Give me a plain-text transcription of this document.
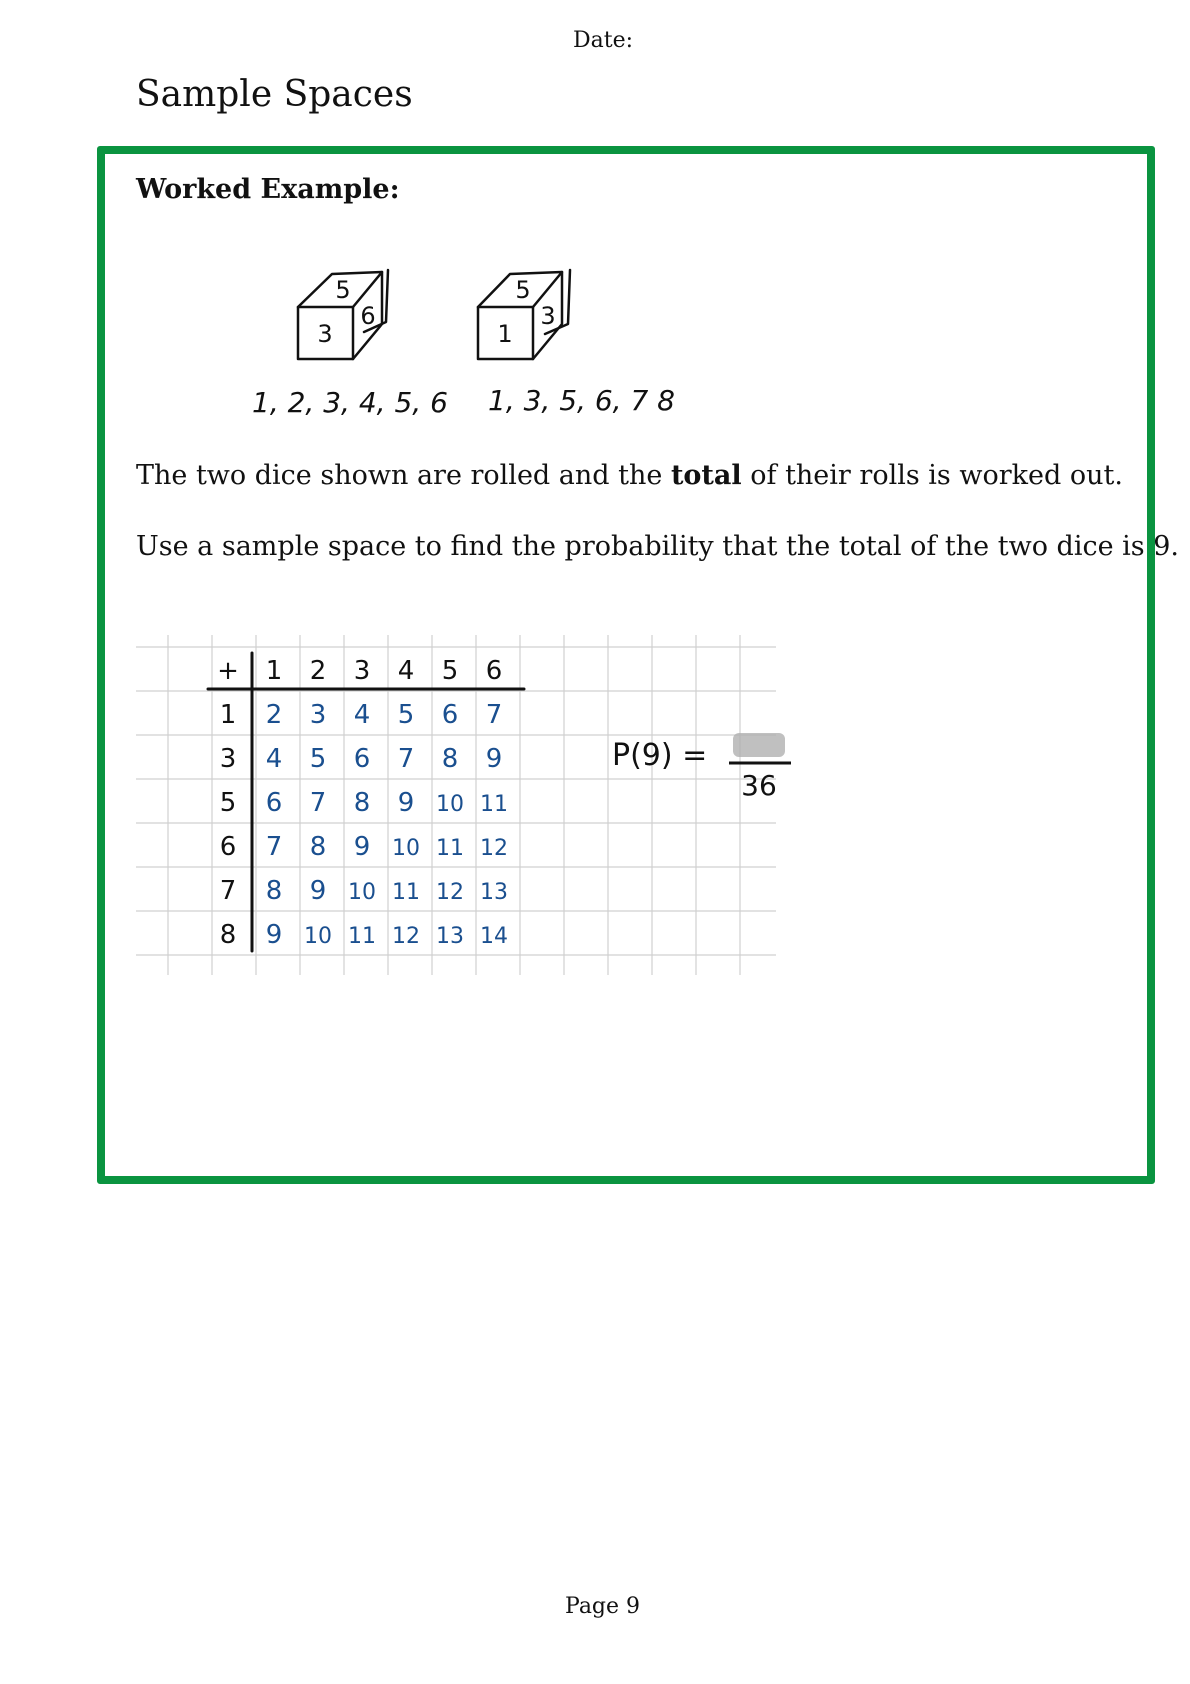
Date:
Sample Spaces
Worked Example:
3
5
6
1
5
3
1, 2, 3, 4, 5, 6 1, 3, 5, 6, 7 8
The two dice shown are rolled and the total of their rolls is worked out.
Use a sample space to find the probability that the total of the two dice is 9.
+ 1 2 3 4 5 6
1
3
5
6
7
8
2 3 4 5 6 7
4 5 6 7 8 9
6 7 8 9 10 11
7 8 9 10 11 12
8 9 10 11 12 13
9 10 11 12 13 14
P(9) =
36
Page 9
